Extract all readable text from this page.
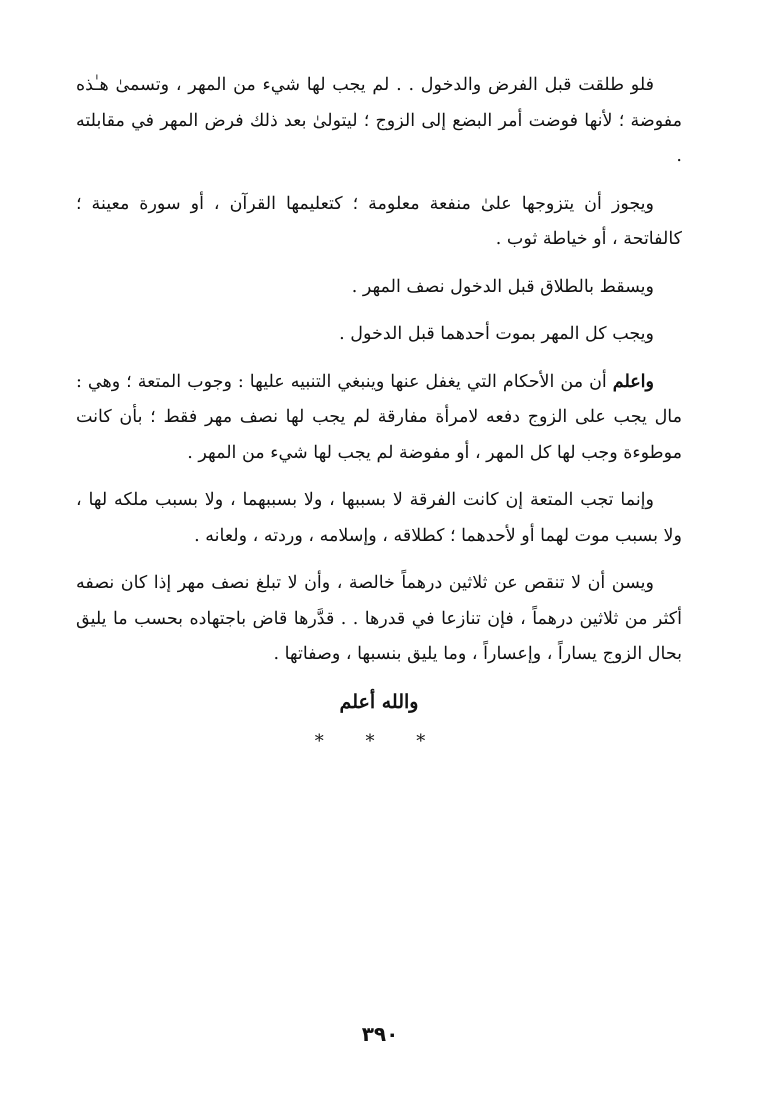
فلو طلقت قبل الفرض والدخول . . لم يجب لها شيء من المهر ، وتسمىٰ هـٰذه مفوضة ؛ لأنها فوضت أمر البضع إلى الزوج ؛ ليتولىٰ بعد ذلك فرض المهر في مقابلته .

ويجوز أن يتزوجها علىٰ منفعة معلومة ؛ كتعليمها القرآن ، أو سورة معينة ؛ كالفاتحة ، أو خياطة ثوب .

ويسقط بالطلاق قبل الدخول نصف المهر .

ويجب كل المهر بموت أحدهما قبل الدخول .

واعلم أن من الأحكام التي يغفل عنها وينبغي التنبيه عليها : وجوب المتعة ؛ وهي : مال يجب على الزوج دفعه لامرأة مفارقة لم يجب لها نصف مهر فقط ؛ بأن كانت موطوءة وجب لها كل المهر ، أو مفوضة لم يجب لها شيء من المهر .

وإنما تجب المتعة إن كانت الفرقة لا بسببها ، ولا بسببهما ، ولا بسبب ملكه لها ، ولا بسبب موت لهما أو لأحدهما ؛ كطلاقه ، وإسلامه ، وردته ، ولعانه .

ويسن أن لا تنقص عن ثلاثين درهماً خالصة ، وأن لا تبلغ نصف مهر إذا كان نصفه أكثر من ثلاثين درهماً ، فإن تنازعا في قدرها . . قدَّرها قاض باجتهاده بحسب ما يليق بحال الزوج يساراً ، وإعساراً ، وما يليق بنسبها ، وصفاتها .

والله أعلم
* * *
٣٩٠
